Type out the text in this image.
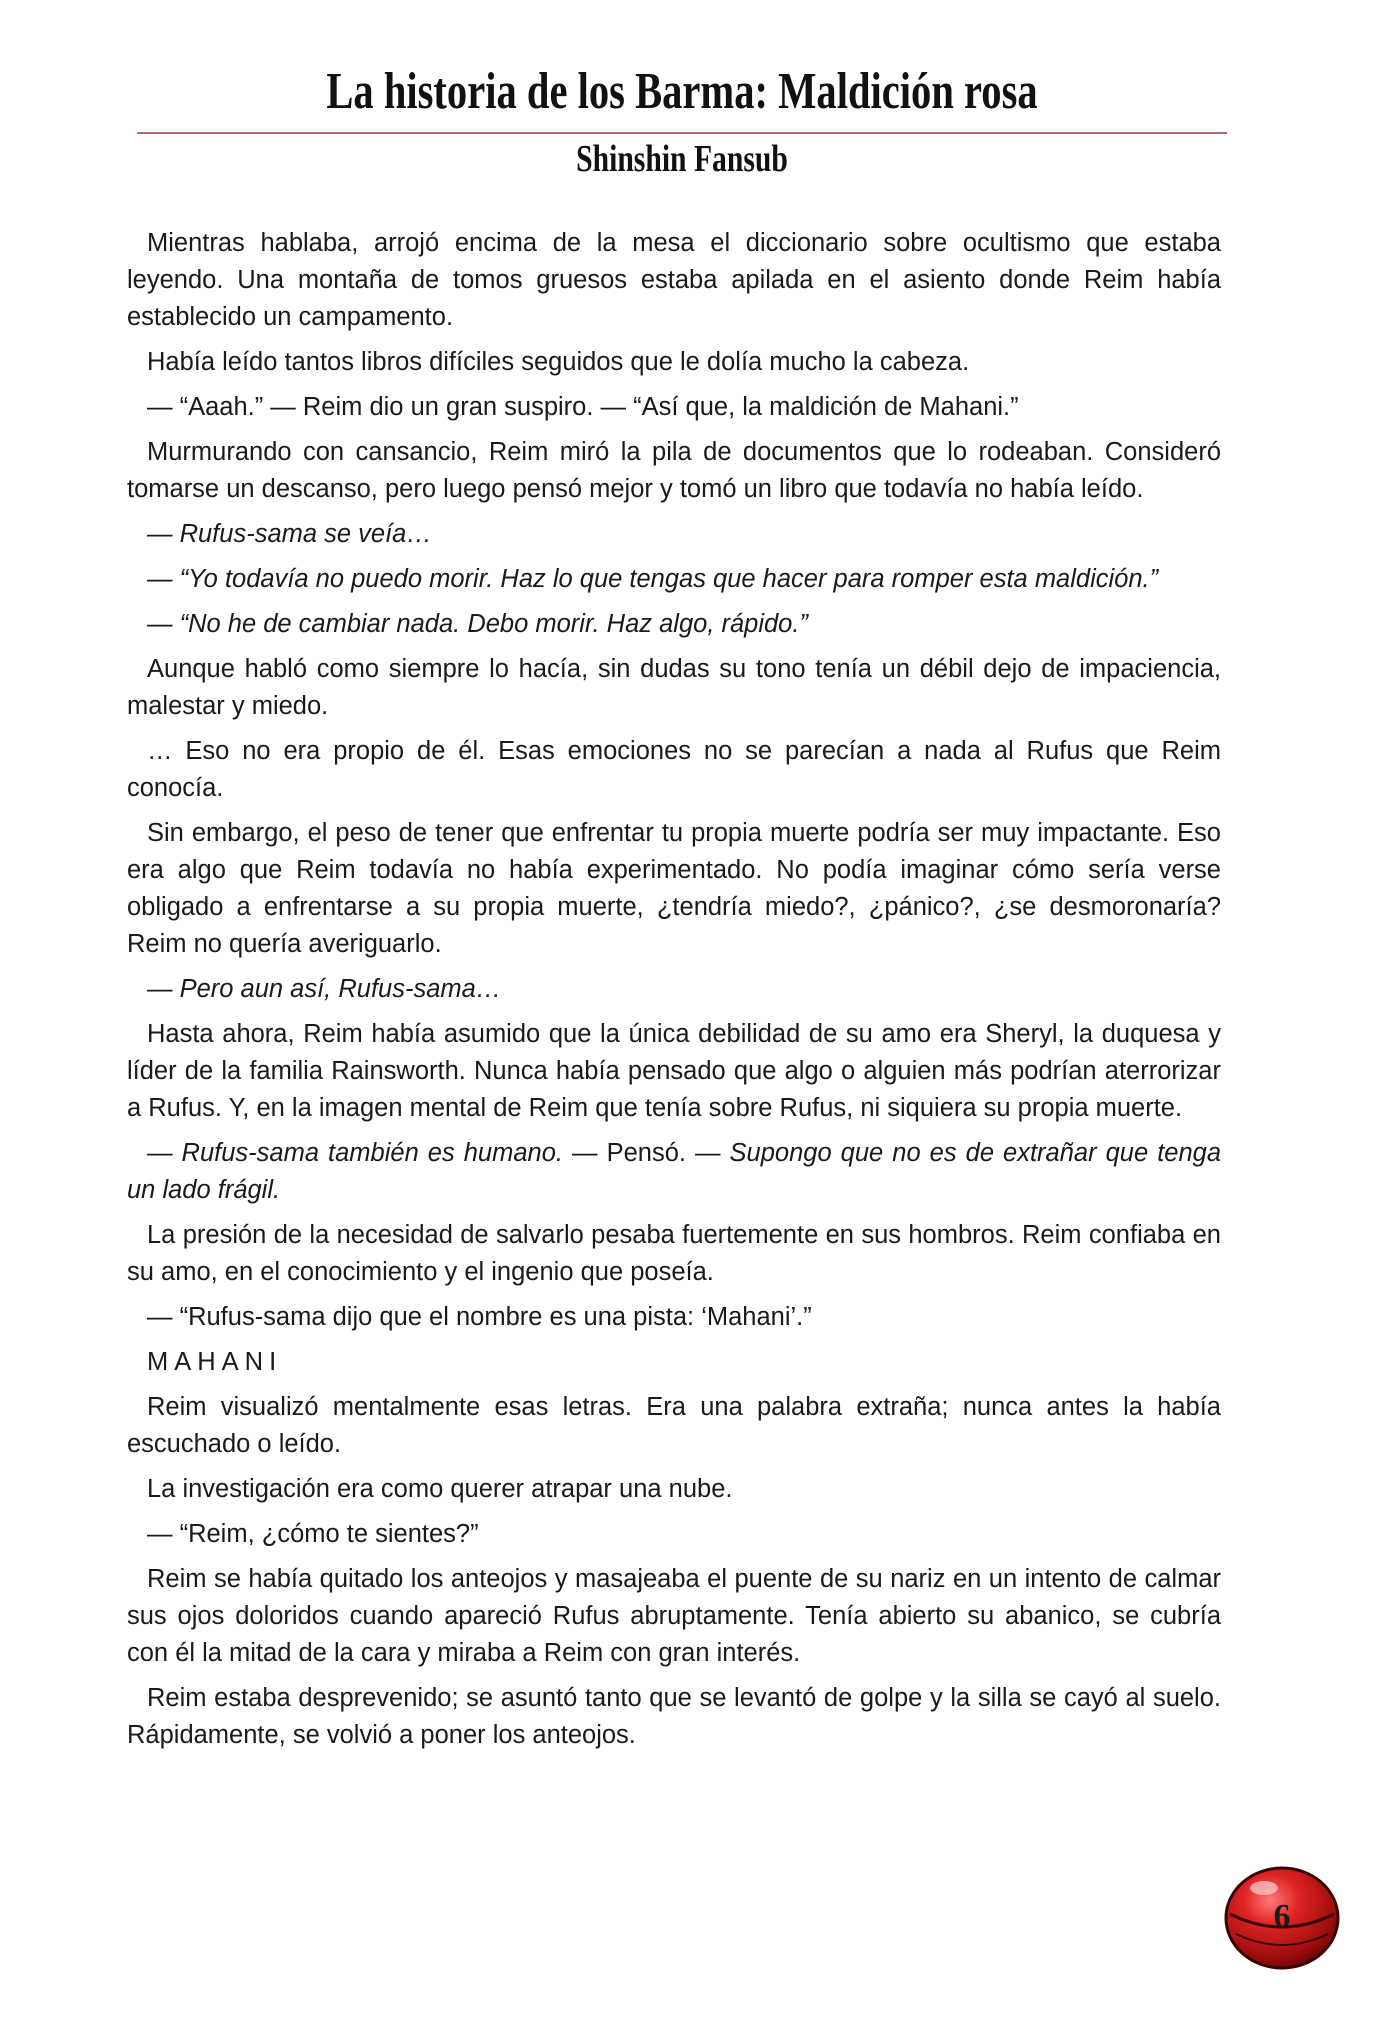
La historia de los Barma: Maldición rosa
Shinshin Fansub

Mientras hablaba, arrojó encima de la mesa el diccionario sobre ocultismo que estaba leyendo. Una montaña de tomos gruesos estaba apilada en el asiento donde Reim había establecido un campamento.

Había leído tantos libros difíciles seguidos que le dolía mucho la cabeza.

— “Aaah.” — Reim dio un gran suspiro. — “Así que, la maldición de Mahani.”

Murmurando con cansancio, Reim miró la pila de documentos que lo rodeaban. Consideró tomarse un descanso, pero luego pensó mejor y tomó un libro que todavía no había leído.

— Rufus-sama se veía…

— “Yo todavía no puedo morir. Haz lo que tengas que hacer para romper esta maldición.”

— “No he de cambiar nada. Debo morir. Haz algo, rápido.”

Aunque habló como siempre lo hacía, sin dudas su tono tenía un débil dejo de impaciencia, malestar y miedo.

… Eso no era propio de él. Esas emociones no se parecían a nada al Rufus que Reim conocía.

Sin embargo, el peso de tener que enfrentar tu propia muerte podría ser muy impactante. Eso era algo que Reim todavía no había experimentado. No podía imaginar cómo sería verse obligado a enfrentarse a su propia muerte, ¿tendría miedo?, ¿pánico?, ¿se desmoronaría? Reim no quería averiguarlo.

— Pero aun así, Rufus-sama…

Hasta ahora, Reim había asumido que la única debilidad de su amo era Sheryl, la duquesa y líder de la familia Rainsworth. Nunca había pensado que algo o alguien más podrían aterrorizar a Rufus. Y, en la imagen mental de Reim que tenía sobre Rufus, ni siquiera su propia muerte.

— Rufus-sama también es humano. — Pensó. — Supongo que no es de extrañar que tenga un lado frágil.

La presión de la necesidad de salvarlo pesaba fuertemente en sus hombros. Reim confiaba en su amo, en el conocimiento y el ingenio que poseía.

— “Rufus-sama dijo que el nombre es una pista: ‘Mahani’.”

MAHANI

Reim visualizó mentalmente esas letras. Era una palabra extraña; nunca antes la había escuchado o leído.

La investigación era como querer atrapar una nube.

— “Reim, ¿cómo te sientes?”

Reim se había quitado los anteojos y masajeaba el puente de su nariz en un intento de calmar sus ojos doloridos cuando apareció Rufus abruptamente. Tenía abierto su abanico, se cubría con él la mitad de la cara y miraba a Reim con gran interés.

Reim estaba desprevenido; se asuntó tanto que se levantó de golpe y la silla se cayó al suelo. Rápidamente, se volvió a poner los anteojos.

6
